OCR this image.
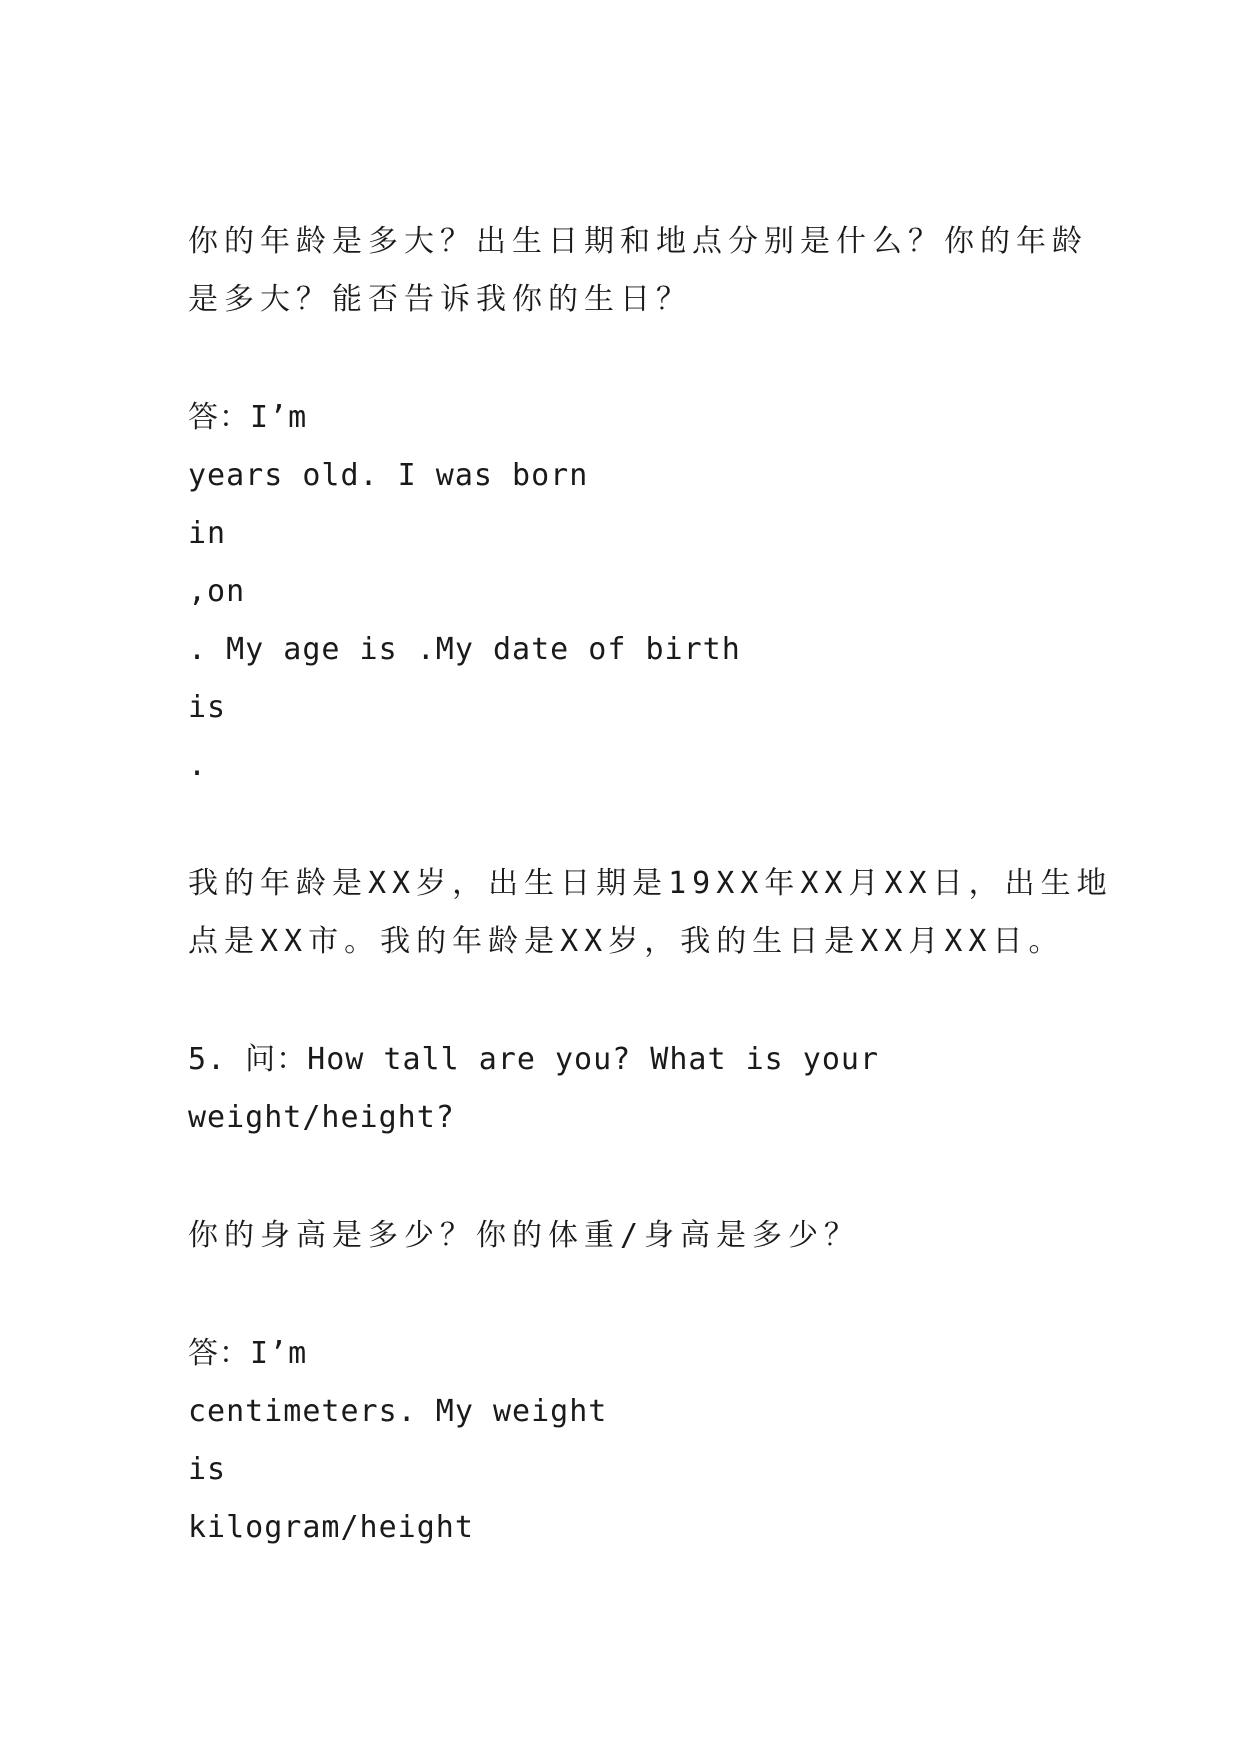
你的年龄是多大？出生日期和地点分别是什么？你的年龄
是多大？能否告诉我你的生日？
答：I’m
years old. I was born
in
,on
. My age is .My date of birth
is
.
我的年龄是XX岁，出生日期是19XX年XX月XX日，出生地
点是XX市。我的年龄是XX岁，我的生日是XX月XX日。
5. 问：How tall are you? What is your
weight/height?
你的身高是多少？你的体重/身高是多少？
答：I’m
centimeters. My weight
is
kilogram/height
